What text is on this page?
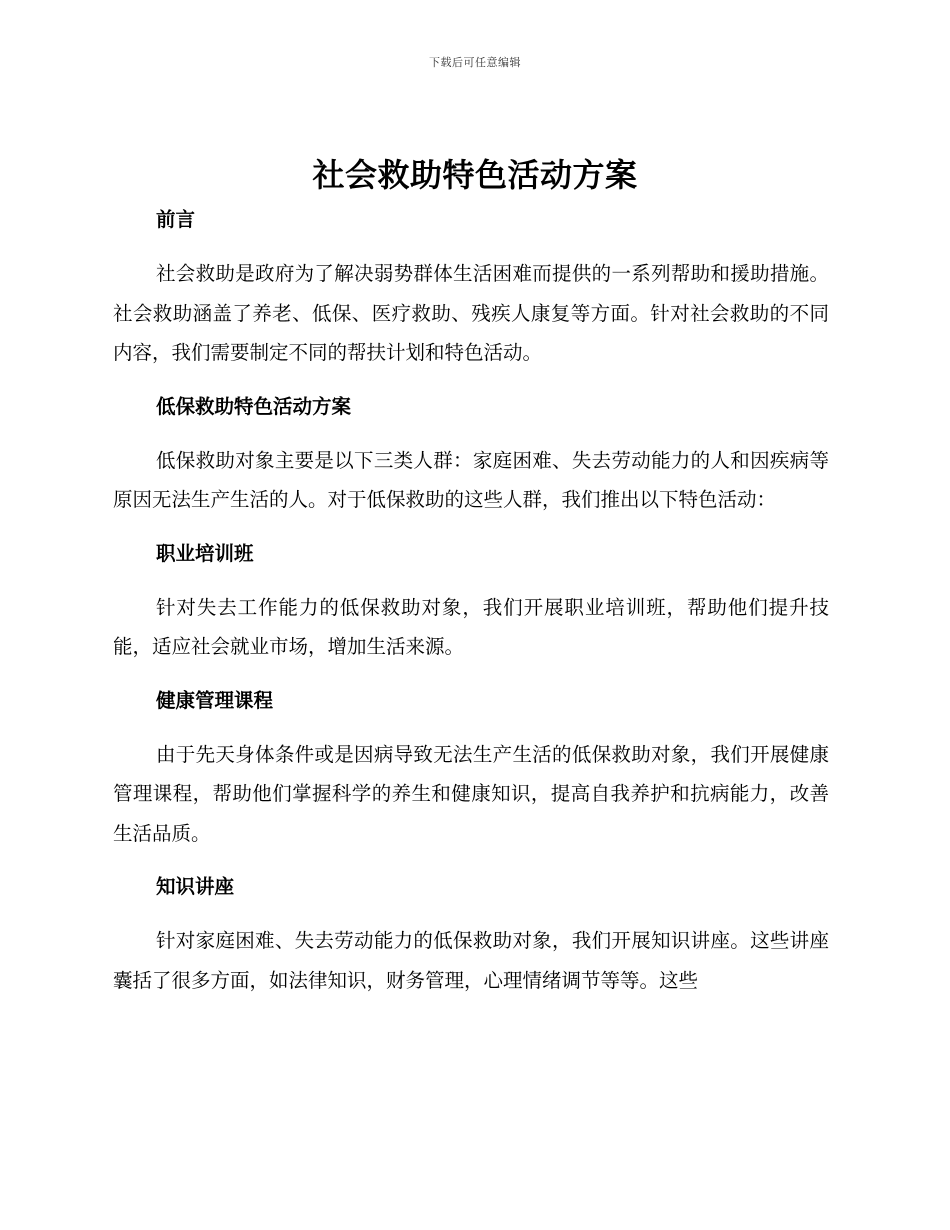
下载后可任意编辑
社会救助特色活动方案
前言

社会救助是政府为了解决弱势群体生活困难而提供的一系列帮助和援助措施。社会救助涵盖了养老、低保、医疗救助、残疾人康复等方面。针对社会救助的不同内容，我们需要制定不同的帮扶计划和特色活动。

低保救助特色活动方案

低保救助对象主要是以下三类人群：家庭困难、失去劳动能力的人和因疾病等原因无法生产生活的人。对于低保救助的这些人群，我们推出以下特色活动：

职业培训班

针对失去工作能力的低保救助对象，我们开展职业培训班，帮助他们提升技能，适应社会就业市场，增加生活来源。

健康管理课程

由于先天身体条件或是因病导致无法生产生活的低保救助对象，我们开展健康管理课程，帮助他们掌握科学的养生和健康知识，提高自我养护和抗病能力，改善生活品质。

知识讲座

针对家庭困难、失去劳动能力的低保救助对象，我们开展知识讲座。这些讲座囊括了很多方面，如法律知识，财务管理，心理情绪调节等等。这些
